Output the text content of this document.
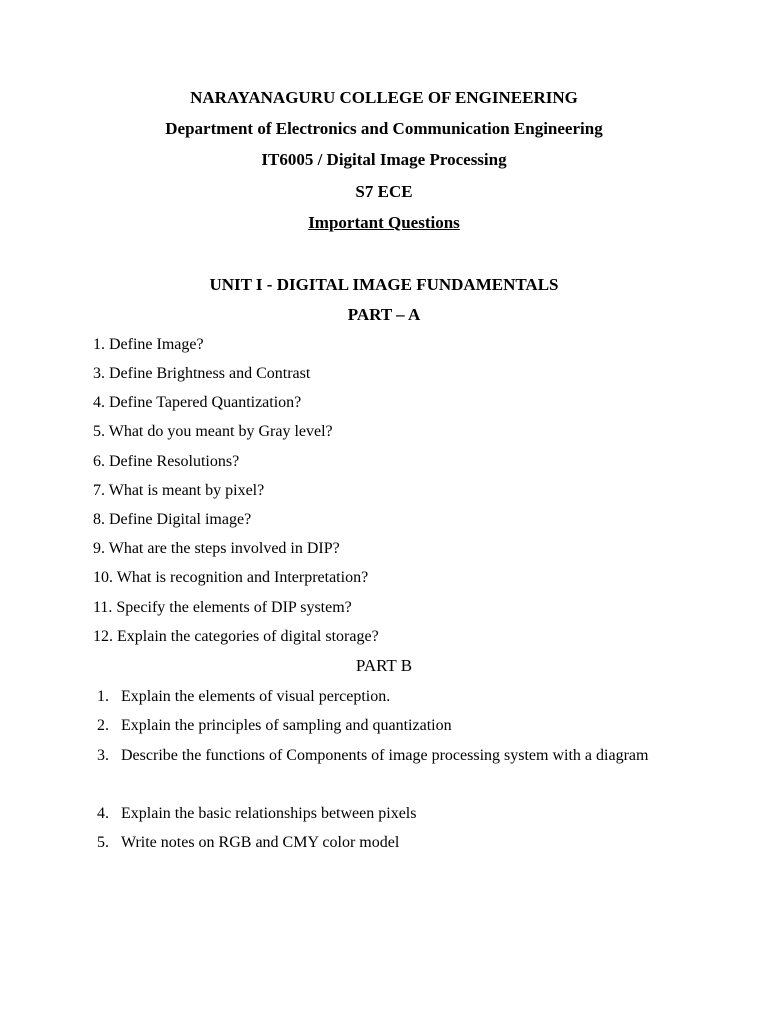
NARAYANAGURU COLLEGE OF ENGINEERING
Department of Electronics and Communication Engineering
IT6005 / Digital Image Processing
S7 ECE
Important Questions
UNIT I - DIGITAL IMAGE FUNDAMENTALS
PART – A
1. Define Image?
3. Define Brightness and Contrast
4. Define Tapered Quantization?
5. What do you meant by Gray level?
6. Define Resolutions?
7. What is meant by pixel?
8. Define Digital image?
9. What are the steps involved in DIP?
10. What is recognition and Interpretation?
11. Specify the elements of DIP system?
12. Explain the categories of digital storage?
PART B
1. Explain the elements of visual perception.
2. Explain the principles of sampling and quantization
3. Describe the functions of Components of image processing system with a diagram
4. Explain the basic relationships between pixels
5. Write notes on RGB and CMY color model
